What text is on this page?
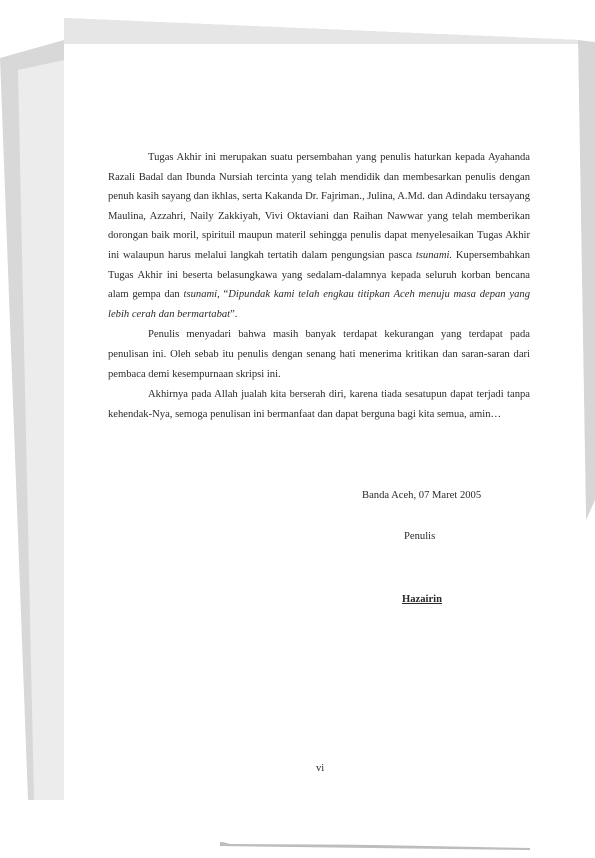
Tugas Akhir ini merupakan suatu persembahan yang penulis haturkan kepada Ayahanda Razali Badal dan Ibunda Nursiah tercinta yang telah mendidik dan membesarkan penulis dengan penuh kasih sayang dan ikhlas, serta Kakanda Dr. Fajriman., Julina, A.Md. dan Adindaku tersayang Maulina, Azzahri, Naily Zakkiyah, Vivi Oktaviani dan Raihan Nawwar yang telah memberikan dorongan baik moril, spirituil maupun materil sehingga penulis dapat menyelesaikan Tugas Akhir ini walaupun harus melalui langkah tertatih dalam pengungsian pasca tsunami. Kupersembahkan Tugas Akhir ini beserta belasungkawa yang sedalam-dalamnya kepada seluruh korban bencana alam gempa dan tsunami, “Dipundak kami telah engkau titipkan Aceh menuju masa depan yang lebih cerah dan bermartabat”.

Penulis menyadari bahwa masih banyak terdapat kekurangan yang terdapat pada penulisan ini. Oleh sebab itu penulis dengan senang hati menerima kritikan dan saran-saran dari pembaca demi kesempurnaan skripsi ini.

Akhirnya pada Allah jualah kita berserah diri, karena tiada sesatupun dapat terjadi tanpa kehendak-Nya, semoga penulisan ini bermanfaat dan dapat berguna bagi kita semua, amin…

Banda Aceh, 07 Maret 2005
Penulis
Hazairin
vi
